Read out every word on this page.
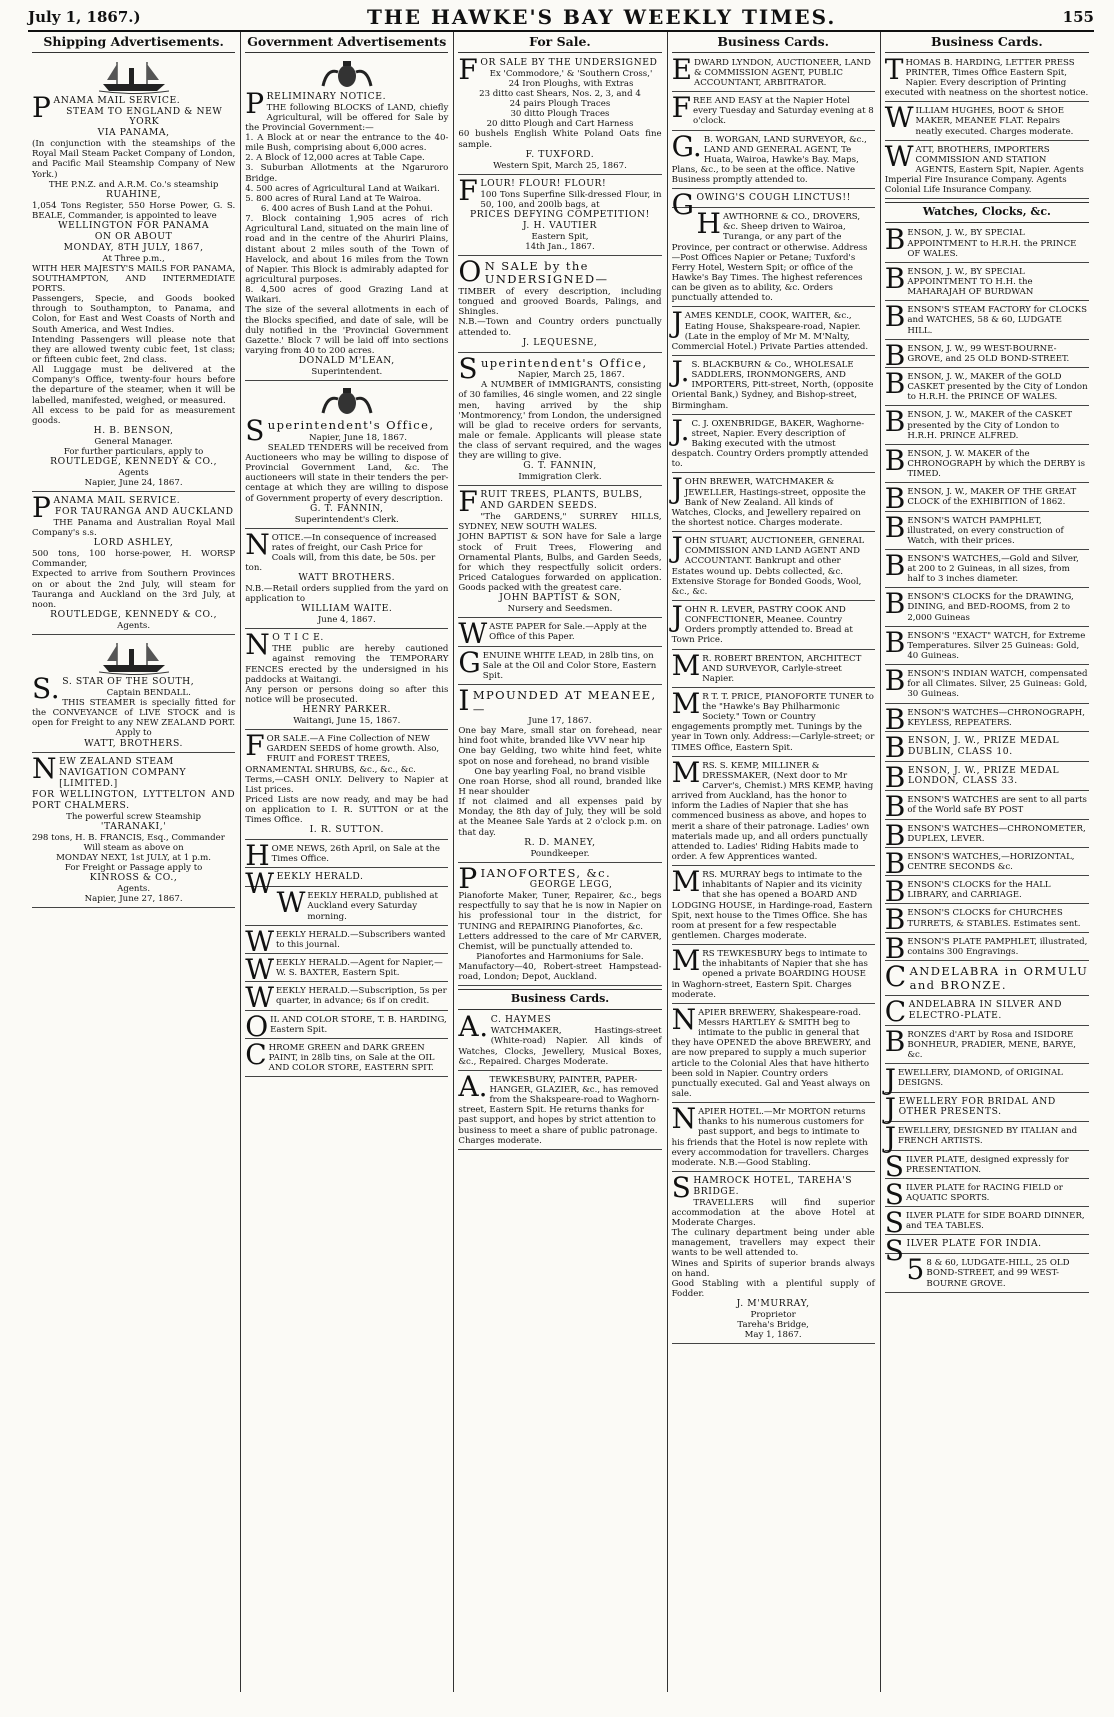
July 1, 1867.)	THE HAWKE'S BAY WEEKLY TIMES.	155
Shipping Advertisements.
PANAMA MAIL SERVICE.
STEAM TO ENGLAND & NEW YORK
VIA PANAMA,
(In conjunction with the steamships of the Royal Mail Steam Packet Company of London, and Pacific Mail Steamship Company of New York.)
THE P.N.Z. and A.R.M. Co.'s steamship
RUAHINE,
1,054 Tons Register, 550 Horse Power, G. S. BEALE, Commander, is appointed to leave
WELLINGTON FOR PANAMA
ON OR ABOUT
MONDAY, 8TH JULY, 1867,
At Three p.m.,
WITH HER MAJESTY'S MAILS FOR PANAMA, SOUTHAMPTON, AND INTERMEDIATE PORTS.
Passengers, Specie, and Goods booked through to Southampton, to Panama, and Colon, for East and West Coasts of North and South America, and West Indies.
Intending Passengers will please note that they are allowed twenty cubic feet, 1st class; or fifteen cubic feet, 2nd class.
All Luggage must be delivered at the Company's Office, twenty-four hours before the departure of the steamer, when it will be labelled, manifested, weighed, or measured.
All excess to be paid for as measurement goods.
H. B. BENSON,
General Manager.
For further particulars, apply to
ROUTLEDGE, KENNEDY & CO.,
Agents
Napier, June 24, 1867.
PANAMA MAIL SERVICE.
FOR TAURANGA AND AUCKLAND
THE Panama and Australian Royal Mail Company's s.s.
LORD ASHLEY,
500 tons, 100 horse-power, H. WORSP Commander,
Expected to arrive from Southern Provinces on or about the 2nd July, will steam for Tauranga and Auckland on the 3rd July, at noon.
ROUTLEDGE, KENNEDY & CO.,
Agents.
S.S. STAR OF THE SOUTH,
Captain BENDALL.
THIS STEAMER is specially fitted for the CONVEYANCE of LIVE STOCK and is open for Freight to any NEW ZEALAND PORT.
Apply to
WATT, BROTHERS.
NEW ZEALAND STEAM NAVIGATION COMPANY [LIMITED.]
FOR WELLINGTON, LYTTELTON AND PORT CHALMERS.
The powerful screw Steamship
'TARANAKI,'
298 tons, H. B. FRANCIS, Esq., Commander
Will steam as above on
MONDAY NEXT, 1st JULY, at 1 p.m.
For Freight or Passage apply to
KINROSS & CO.,
Agents.
Napier, June 27, 1867.
Government Advertisements
PRELIMINARY NOTICE.
THE following BLOCKS of LAND, chiefly Agricultural, will be offered for Sale by the Provincial Government:—
1. A Block at or near the entrance to the 40-mile Bush, comprising about 6,000 acres.
2. A Block of 12,000 acres at Table Cape.
3. Suburban Allotments at the Ngaruroro Bridge.
4. 500 acres of Agricultural Land at Waikari.
5. 800 acres of Rural Land at Te Wairoa.
6. 400 acres of Bush Land at the Pohui.
7. Block containing 1,905 acres of rich Agricultural Land, situated on the main line of road and in the centre of the Ahuriri Plains, distant about 2 miles south of the Town of Havelock, and about 16 miles from the Town of Napier. This Block is admirably adapted for agricultural purposes.
8. 4,500 acres of good Grazing Land at Waikari.
The size of the several allotments in each of the Blocks specified, and date of sale, will be duly notified in the 'Provincial Government Gazette.' Block 7 will be laid off into sections varying from 40 to 200 acres.
DONALD M'LEAN,
Superintendent.
Superintendent's Office,
Napier, June 18, 1867.
SEALED TENDERS will be received from Auctioneers who may be willing to dispose of Provincial Government Land, &c. The auctioneers will state in their tenders the per-centage at which they are willing to dispose of Government property of every description.
G. T. FANNIN,
Superintendent's Clerk.
NOTICE.—In consequence of increased rates of freight, our Cash Price for Coals will, from this date, be 50s. per ton.
WATT BROTHERS.
N.B.—Retail orders supplied from the yard on application to
WILLIAM WAITE.
June 4, 1867.
NO T I C E.
THE public are hereby cautioned against removing the TEMPORARY FENCES erected by the undersigned in his paddocks at Waitangi.
Any person or persons doing so after this notice will be prosecuted.
HENRY PARKER.
Waitangi, June 15, 1867.
FOR SALE.—A Fine Collection of NEW GARDEN SEEDS of home growth. Also, FRUIT and FOREST TREES, ORNAMENTAL SHRUBS, &c., &c., &c.
Terms,—CASH ONLY. Delivery to Napier at List prices.
Priced Lists are now ready, and may be had on application to I. R. SUTTON or at the Times Office.
I. R. SUTTON.
HOME NEWS, 26th April, on Sale at the Times Office.
WEEKLY HERALD.
WEEKLY HERALD, published at Auckland every Saturday morning.
WEEKLY HERALD.—Subscribers wanted to this journal.
WEEKLY HERALD.—Agent for Napier,—W. S. BAXTER, Eastern Spit.
WEEKLY HERALD.—Subscription, 5s per quarter, in advance; 6s if on credit.
OIL AND COLOR STORE, T. B. HARDING, Eastern Spit.
CHROME GREEN and DARK GREEN PAINT, in 28lb tins, on Sale at the OIL AND COLOR STORE, EASTERN SPIT.
For Sale.
FOR SALE BY THE UNDERSIGNED
Ex 'Commodore,' & 'Southern Cross,'
24 Iron Ploughs, with Extras
23 ditto cast Shears, Nos. 2, 3, and 4
24 pairs Plough Traces
30 ditto Plough Traces
20 ditto Plough and Cart Harness
60 bushels English White Poland Oats fine sample.
F. TUXFORD.
Western Spit, March 25, 1867.
FLOUR! FLOUR! FLOUR!
100 Tons Superfine Silk-dressed Flour, in 50, 100, and 200lb bags, at
PRICES DEFYING COMPETITION!
J. H. VAUTIER
Eastern Spit,
14th Jan., 1867.
ON SALE by the UNDERSIGNED—
TIMBER of every description, including tongued and grooved Boards, Palings, and Shingles.
N.B.—Town and Country orders punctually attended to.
J. LEQUESNE,
Superintendent's Office,
Napier, March 25, 1867.
A NUMBER of IMMIGRANTS, consisting of 30 families, 46 single women, and 22 single men, having arrived by the ship 'Montmorency,' from London, the undersigned will be glad to receive orders for servants, male or female. Applicants will please state the class of servant required, and the wages they are willing to give.
G. T. FANNIN,
Immigration Clerk.
FRUIT TREES, PLANTS, BULBS, AND GARDEN SEEDS.
"The GARDENS," SURREY HILLS, SYDNEY, NEW SOUTH WALES.
JOHN BAPTIST & SON have for Sale a large stock of Fruit Trees, Flowering and Ornamental Plants, Bulbs, and Garden Seeds, for which they respectfully solicit orders. Priced Catalogues forwarded on application. Goods packed with the greatest care.
JOHN BAPTIST & SON,
Nursery and Seedsmen.
WASTE PAPER for Sale.—Apply at the Office of this Paper.
GENUINE WHITE LEAD, in 28lb tins, on Sale at the Oil and Color Store, Eastern Spit.
IMPOUNDED AT MEANEE,—
June 17, 1867.
One bay Mare, small star on forehead, near hind foot white, branded like VVV near hip
One bay Gelding, two white hind feet, white spot on nose and forehead, no brand visible
One bay yearling Foal, no brand visible
One roan Horse, shod all round, branded like H near shoulder
If not claimed and all expenses paid by Monday, the 8th day of July, they will be sold at the Meanee Sale Yards at 2 o'clock p.m. on that day.
R. D. MANEY,
Poundkeeper.
PIANOFORTES, &c.
GEORGE LEGG,
Pianoforte Maker, Tuner, Repairer, &c., begs respectfully to say that he is now in Napier on his professional tour in the district, for TUNING and REPAIRING Pianofortes, &c.
Letters addressed to the care of Mr CARVER, Chemist, will be punctually attended to.
Pianofortes and Harmoniums for Sale.
Manufactory—40, Robert-street Hampstead-road, London; Depot, Auckland.
Business Cards.
A.C. HAYMES
WATCHMAKER, Hastings-street (White-road) Napier. All kinds of Watches, Clocks, Jewellery, Musical Boxes, &c., Repaired. Charges Moderate.
A.TEWKESBURY, PAINTER, PAPER-HANGER, GLAZIER, &c., has removed from the Shakspeare-road to Waghorn-street, Eastern Spit. He returns thanks for past support, and hopes by strict attention to business to meet a share of public patronage. Charges moderate.
Business Cards.
EDWARD LYNDON, AUCTIONEER, LAND & COMMISSION AGENT, PUBLIC ACCOUNTANT, ARBITRATOR.
FREE AND EASY at the Napier Hotel every Tuesday and Saturday evening at 8 o'clock.
G.B. WORGAN, LAND SURVEYOR, &c., LAND AND GENERAL AGENT, Te Huata, Wairoa, Hawke's Bay. Maps, Plans, &c., to be seen at the office. Native Business promptly attended to.
GOWING'S COUGH LINCTUS!!
HAWTHORNE & CO., DROVERS, &c. Sheep driven to Wairoa, Turanga, or any part of the Province, per contract or otherwise. Address—Post Offices Napier or Petane; Tuxford's Ferry Hotel, Western Spit; or office of the Hawke's Bay Times. The highest references can be given as to ability, &c. Orders punctually attended to.
JAMES KENDLE, COOK, WAITER, &c., Eating House, Shakspeare-road, Napier. (Late in the employ of Mr M. M'Nalty, Commercial Hotel.) Private Parties attended.
J.S. BLACKBURN & Co., WHOLESALE SADDLERS, IRONMONGERS, AND IMPORTERS, Pitt-street, North, (opposite Oriental Bank,) Sydney, and Bishop-street, Birmingham.
J.C. J. OXENBRIDGE, BAKER, Waghorne-street, Napier. Every description of Baking executed with the utmost despatch. Country Orders promptly attended to.
JOHN BREWER, WATCHMAKER & JEWELLER, Hastings-street, opposite the Bank of New Zealand. All kinds of Watches, Clocks, and Jewellery repaired on the shortest notice. Charges moderate.
JOHN STUART, AUCTIONEER, GENERAL COMMISSION AND LAND AGENT AND ACCOUNTANT. Bankrupt and other Estates wound up. Debts collected, &c. Extensive Storage for Bonded Goods, Wool, &c., &c.
JOHN R. LEVER, PASTRY COOK AND CONFECTIONER, Meanee. Country Orders promptly attended to. Bread at Town Price.
MR. ROBERT BRENTON, ARCHITECT AND SURVEYOR, Carlyle-street Napier.
MR T. T. PRICE, PIANOFORTE TUNER to the "Hawke's Bay Philharmonic Society." Town or Country engagements promptly met. Tunings by the year in Town only. Address:—Carlyle-street; or TIMES Office, Eastern Spit.
MRS. S. KEMP, MILLINER & DRESSMAKER, (Next door to Mr Carver's, Chemist.) MRS KEMP, having arrived from Auckland, has the honor to inform the Ladies of Napier that she has commenced business as above, and hopes to merit a share of their patronage. Ladies' own materials made up, and all orders punctually attended to. Ladies' Riding Habits made to order. A few Apprentices wanted.
MRS. MURRAY begs to intimate to the inhabitants of Napier and its vicinity that she has opened a BOARD AND LODGING HOUSE, in Hardinge-road, Eastern Spit, next house to the Times Office. She has room at present for a few respectable gentlemen. Charges moderate.
MRS TEWKESBURY begs to intimate to the inhabitants of Napier that she has opened a private BOARDING HOUSE in Waghorn-street, Eastern Spit. Charges moderate.
NAPIER BREWERY, Shakespeare-road. Messrs HARTLEY & SMITH beg to intimate to the public in general that they have OPENED the above BREWERY, and are now prepared to supply a much superior article to the Colonial Ales that have hitherto been sold in Napier. Country orders punctually executed. Gal and Yeast always on sale.
NAPIER HOTEL.—Mr MORTON returns thanks to his numerous customers for past support, and begs to intimate to his friends that the Hotel is now replete with every accommodation for travellers. Charges moderate. N.B.—Good Stabling.
SHAMROCK HOTEL, TAREHA'S BRIDGE.
TRAVELLERS will find superior accommodation at the above Hotel at Moderate Charges.
The culinary department being under able management, travellers may expect their wants to be well attended to.
Wines and Spirits of superior brands always on hand.
Good Stabling with a plentiful supply of Fodder.
J. M'MURRAY,
Proprietor
Tareha's Bridge,
May 1, 1867.
Business Cards.
THOMAS B. HARDING, LETTER PRESS PRINTER, Times Office Eastern Spit, Napier. Every description of Printing executed with neatness on the shortest notice.
WILLIAM HUGHES, BOOT & SHOE MAKER, MEANEE FLAT. Repairs neatly executed. Charges moderate.
WATT, BROTHERS, IMPORTERS COMMISSION AND STATION AGENTS, Eastern Spit, Napier. Agents Imperial Fire Insurance Company. Agents Colonial Life Insurance Company.
Watches, Clocks, &c.
BENSON, J. W., BY SPECIAL APPOINTMENT to H.R.H. the PRINCE OF WALES.
BENSON, J. W., BY SPECIAL APPOINTMENT TO H.H. the MAHARAJAH OF BURDWAN
BENSON'S STEAM FACTORY for CLOCKS and WATCHES, 58 & 60, LUDGATE HILL.
BENSON, J. W., 99 WEST-BOURNE-GROVE, and 25 OLD BOND-STREET.
BENSON, J. W., MAKER of the GOLD CASKET presented by the City of London to H.R.H. the PRINCE OF WALES.
BENSON, J. W., MAKER of the CASKET presented by the City of London to H.R.H. PRINCE ALFRED.
BENSON, J. W. MAKER of the CHRONOGRAPH by which the DERBY is TIMED.
BENSON, J. W., MAKER OF THE GREAT CLOCK of the EXHIBITION of 1862.
BENSON'S WATCH PAMPHLET, illustrated, on every construction of Watch, with their prices.
BENSON'S WATCHES,—Gold and Silver, at 200 to 2 Guineas, in all sizes, from half to 3 inches diameter.
BENSON'S CLOCKS for the DRAWING, DINING, and BED-ROOMS, from 2 to 2,000 Guineas
BENSON'S "EXACT" WATCH, for Extreme Temperatures. Silver 25 Guineas: Gold, 40 Guineas.
BENSON'S INDIAN WATCH, compensated for all Climates. Silver, 25 Guineas: Gold, 30 Guineas.
BENSON'S WATCHES—CHRONOGRAPH, KEYLESS, REPEATERS.
BENSON, J. W., PRIZE MEDAL DUBLIN, CLASS 10.
BENSON, J. W., PRIZE MEDAL LONDON, CLASS 33.
BENSON'S WATCHES are sent to all parts of the World safe BY POST
BENSON'S WATCHES—CHRONOMETER, DUPLEX, LEVER.
BENSON'S WATCHES,—HORIZONTAL, CENTRE SECONDS &c.
BENSON'S CLOCKS for the HALL LIBRARY, and CARRIAGE.
BENSON'S CLOCKS for CHURCHES TURRETS, & STABLES. Estimates sent.
BENSON'S PLATE PAMPHLET, illustrated, contains 300 Engravings.
CANDELABRA in ORMULU and BRONZE.
CANDELABRA IN SILVER AND ELECTRO-PLATE.
BRONZES d'ART by Rosa and ISIDORE BONHEUR, PRADIER, MENE, BARYE, &c.
JEWELLERY, DIAMOND, of ORIGINAL DESIGNS.
JEWELLERY FOR BRIDAL AND OTHER PRESENTS.
JEWELLERY, DESIGNED BY ITALIAN and FRENCH ARTISTS.
SILVER PLATE, designed expressly for PRESENTATION.
SILVER PLATE for RACING FIELD or AQUATIC SPORTS.
SILVER PLATE for SIDE BOARD DINNER, and TEA TABLES.
SILVER PLATE FOR INDIA.
58 & 60, LUDGATE-HILL, 25 OLD BOND-STREET, and 99 WEST-BOURNE GROVE.
